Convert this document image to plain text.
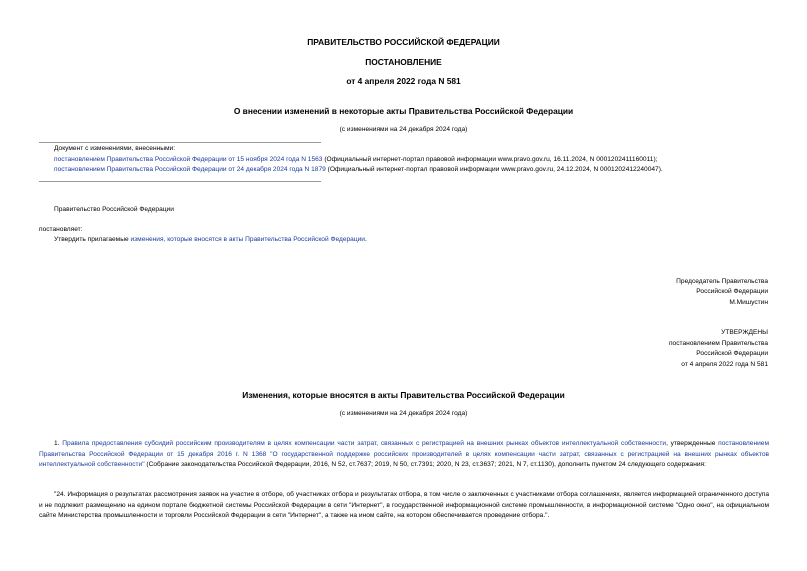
ПРАВИТЕЛЬСТВО РОССИЙСКОЙ ФЕДЕРАЦИИ
ПОСТАНОВЛЕНИЕ
от 4 апреля 2022 года N 581
О внесении изменений в некоторые акты Правительства Российской Федерации
(с изменениями на 24 декабря 2024 года)
Документ с изменениями, внесенными:
постановлением Правительства Российской Федерации от 15 ноября 2024 года N 1563 (Официальный интернет-портал правовой информации www.pravo.gov.ru, 16.11.2024, N 0001202411160011);
постановлением Правительства Российской Федерации от 24 декабря 2024 года N 1879 (Официальный интернет-портал правовой информации www.pravo.gov.ru, 24.12.2024, N 0001202412240047).
Правительство Российской Федерации
постановляет:
Утвердить прилагаемые изменения, которые вносятся в акты Правительства Российской Федерации.
Председатель Правительства
Российской Федерации
М.Мишустин
УТВЕРЖДЕНЫ
постановлением Правительства
Российской Федерации
от 4 апреля 2022 года N 581
Изменения, которые вносятся в акты Правительства Российской Федерации
(с изменениями на 24 декабря 2024 года)
1. Правила предоставления субсидий российским производителям в целях компенсации части затрат, связанных с регистрацией на внешних рынках объектов интеллектуальной собственности, утвержденные постановлением Правительства Российской Федерации от 15 декабря 2016 г. N 1368 "О государственной поддержке российских производителей в целях компенсации части затрат, связанных с регистрацией на внешних рынках объектов интеллектуальной собственности" (Собрание законодательства Российской Федерации, 2016, N 52, ст.7637; 2019, N 50, ст.7391; 2020, N 23, ст.3637; 2021, N 7, ст.1130), дополнить пунктом 24 следующего содержания:
"24. Информация о результатах рассмотрения заявок на участие в отборе, об участниках отбора и результатах отбора, в том числе о заключенных с участниками отбора соглашениях, является информацией ограниченного доступа и не подлежит размещению на едином портале бюджетной системы Российской Федерации в сети "Интернет", в государственной информационной системе промышленности, в информационной системе "Одно окно", на официальном сайте Министерства промышленности и торговли Российской Федерации в сети "Интернет", а также на ином сайте, на котором обеспечивается проведение отбора.".
